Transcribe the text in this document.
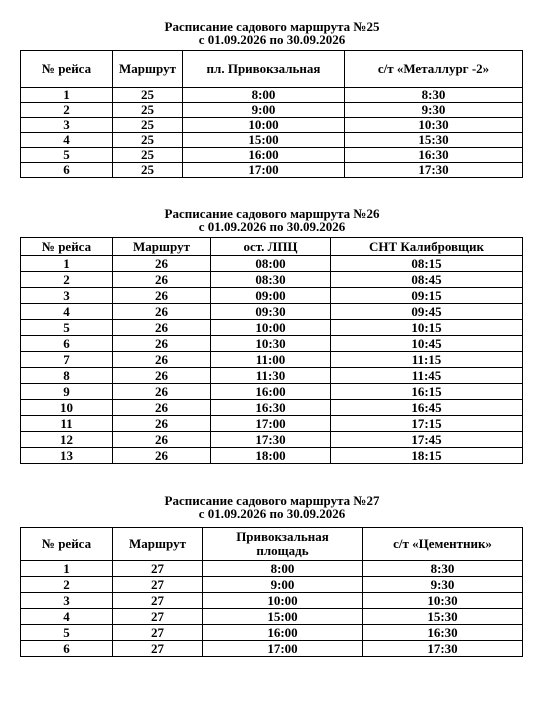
Расписание садового маршрута №25

с 01.09.2026 по 30.09.2026

№ рейса	Маршрут	пл. Привокзальная	с/т «Металлург -2»
1	25	8:00	8:30
2	25	9:00	9:30
3	25	10:00	10:30
4	25	15:00	15:30
5	25	16:00	16:30
6	25	17:00	17:30

Расписание садового маршрута №26

с 01.09.2026 по 30.09.2026

№ рейса	Маршрут	ост. ЛПЦ	СНТ Калибровщик
1	26	08:00	08:15
2	26	08:30	08:45
3	26	09:00	09:15
4	26	09:30	09:45
5	26	10:00	10:15
6	26	10:30	10:45
7	26	11:00	11:15
8	26	11:30	11:45
9	26	16:00	16:15
10	26	16:30	16:45
11	26	17:00	17:15
12	26	17:30	17:45
13	26	18:00	18:15

Расписание садового маршрута №27

с 01.09.2026 по 30.09.2026

№ рейса	Маршрут	Привокзальная площадь	с/т «Цементник»
1	27	8:00	8:30
2	27	9:00	9:30
3	27	10:00	10:30
4	27	15:00	15:30
5	27	16:00	16:30
6	27	17:00	17:30
